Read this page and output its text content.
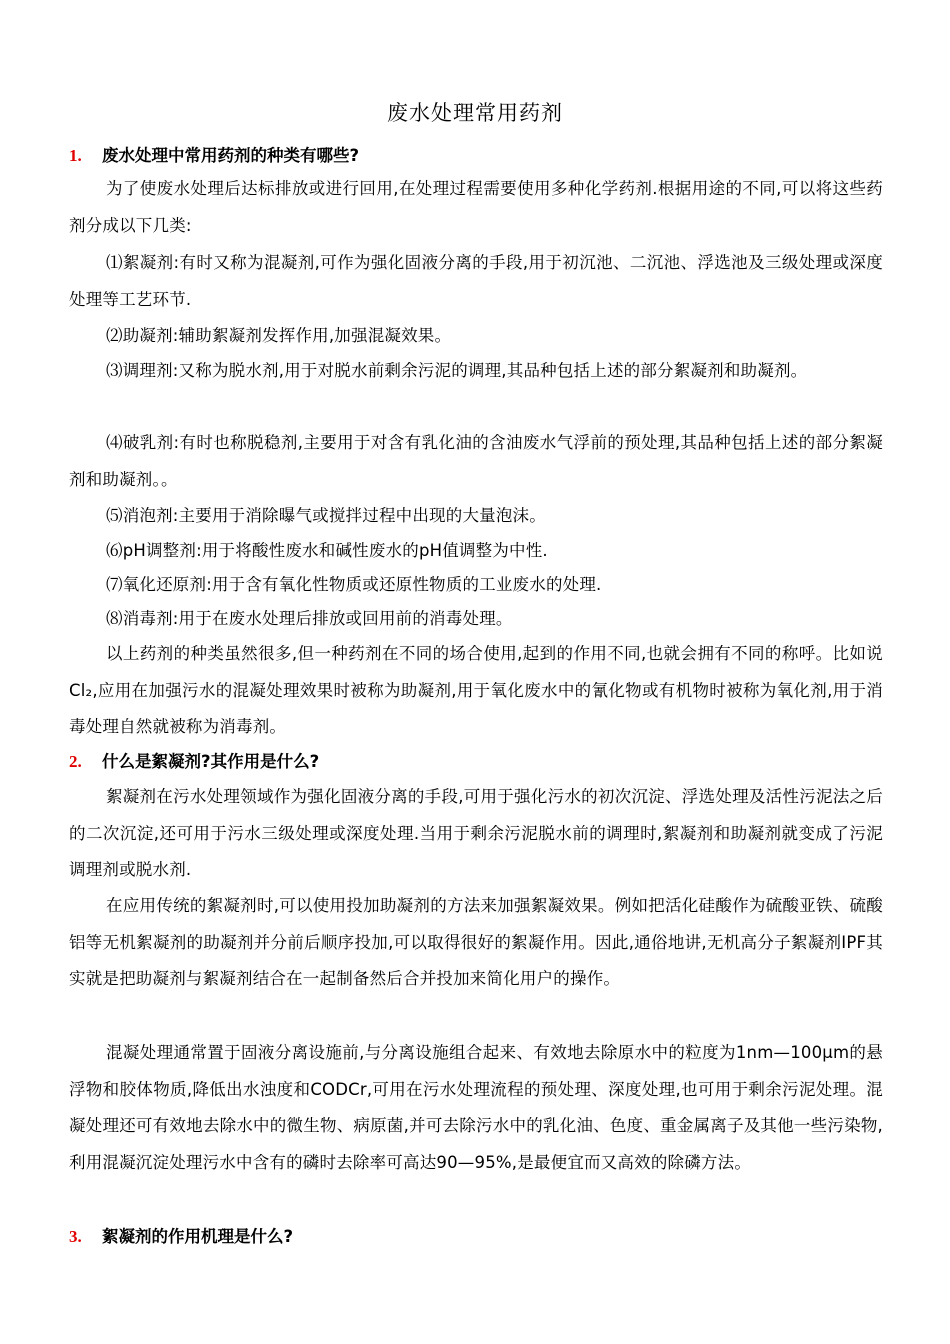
废水处理常用药剂
1. 废水处理中常用药剂的种类有哪些?
为了使废水处理后达标排放或进行回用,在处理过程需要使用多种化学药剂.根据用途的不同,可以将这些药剂分成以下几类:
⑴絮凝剂:有时又称为混凝剂,可作为强化固液分离的手段,用于初沉池、二沉池、浮选池及三级处理或深度处理等工艺环节.
⑵助凝剂:辅助絮凝剂发挥作用,加强混凝效果。
⑶调理剂:又称为脱水剂,用于对脱水前剩余污泥的调理,其品种包括上述的部分絮凝剂和助凝剂。
⑷破乳剂:有时也称脱稳剂,主要用于对含有乳化油的含油废水气浮前的预处理,其品种包括上述的部分絮凝剂和助凝剂。。
⑸消泡剂:主要用于消除曝气或搅拌过程中出现的大量泡沫。
⑹pH调整剂:用于将酸性废水和碱性废水的pH值调整为中性.
⑺氧化还原剂:用于含有氧化性物质或还原性物质的工业废水的处理.
⑻消毒剂:用于在废水处理后排放或回用前的消毒处理。
以上药剂的种类虽然很多,但一种药剂在不同的场合使用,起到的作用不同,也就会拥有不同的称呼。比如说Cl₂,应用在加强污水的混凝处理效果时被称为助凝剂,用于氧化废水中的氰化物或有机物时被称为氧化剂,用于消毒处理自然就被称为消毒剂。
2. 什么是絮凝剂?其作用是什么?
絮凝剂在污水处理领域作为强化固液分离的手段,可用于强化污水的初次沉淀、浮选处理及活性污泥法之后的二次沉淀,还可用于污水三级处理或深度处理.当用于剩余污泥脱水前的调理时,絮凝剂和助凝剂就变成了污泥调理剂或脱水剂.
在应用传统的絮凝剂时,可以使用投加助凝剂的方法来加强絮凝效果。例如把活化硅酸作为硫酸亚铁、硫酸铝等无机絮凝剂的助凝剂并分前后顺序投加,可以取得很好的絮凝作用。因此,通俗地讲,无机高分子絮凝剂IPF其实就是把助凝剂与絮凝剂结合在一起制备然后合并投加来简化用户的操作。
混凝处理通常置于固液分离设施前,与分离设施组合起来、有效地去除原水中的粒度为1nm—100μm的悬浮物和胶体物质,降低出水浊度和CODCr,可用在污水处理流程的预处理、深度处理,也可用于剩余污泥处理。混凝处理还可有效地去除水中的微生物、病原菌,并可去除污水中的乳化油、色度、重金属离子及其他一些污染物,利用混凝沉淀处理污水中含有的磷时去除率可高达90—95%,是最便宜而又高效的除磷方法。
3. 絮凝剂的作用机理是什么?
